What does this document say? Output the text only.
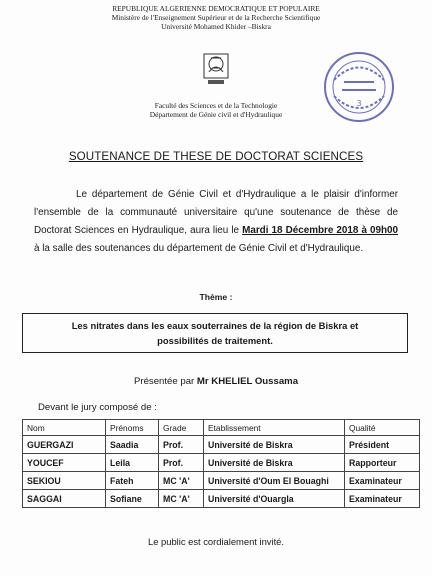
REPUBLIQUE ALGERIENNE DEMOCRATIQUE ET POPULAIRE
Ministère de l'Enseignement Supérieur et de la Recherche Scientifique
Université Mohamed Khider –Biskra
Faculté des Sciences et de la Technologie
Département de Génie civil et d'Hydraulique
3
SOUTENANCE DE THESE DE DOCTORAT SCIENCES

Le département de Génie Civil et d'Hydraulique a le plaisir d'informer l'ensemble de la communauté universitaire qu'une soutenance de thèse de Doctorat Sciences en Hydraulique, aura lieu le Mardi 18 Décembre 2018 à 09h00 à la salle des soutenances du département de Génie Civil et d'Hydraulique.

Thème :
Les nitrates dans les eaux souterraines de la région de Biskra et
possibilités de traitement.
Présentée par Mr KHELIEL Oussama
Devant le jury composé de :
Nom	Prénoms	Grade	Etablissement	Qualité
GUERGAZI	Saadia	Prof.	Université de Biskra	Président
YOUCEF	Leila	Prof.	Université de Biskra	Rapporteur
SEKIOU	Fateh	MC 'A'	Université d'Oum El Bouaghi	Examinateur
SAGGAI	Sofiane	MC 'A'	Université d'Ouargla	Examinateur
Le public est cordialement invité.
